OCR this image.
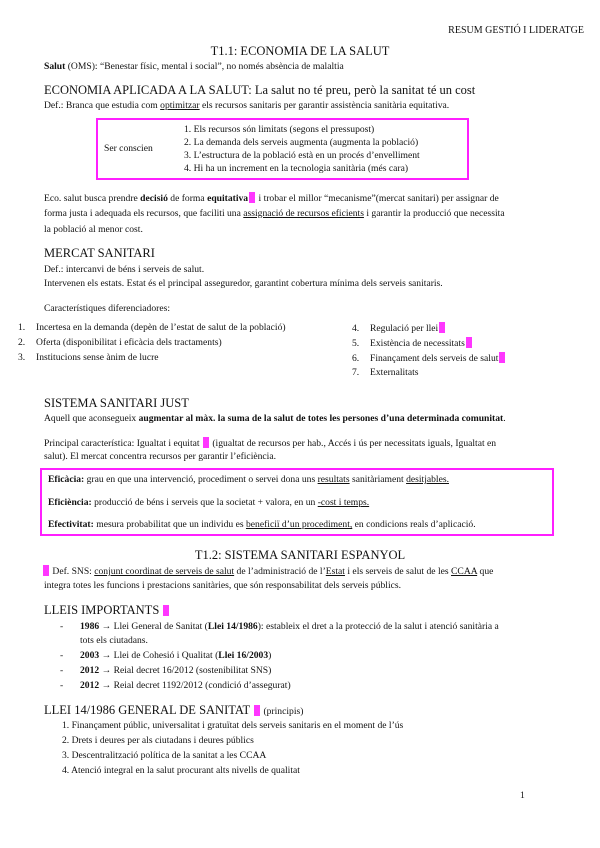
RESUM GESTIÓ I LIDERATGE
T1.1: ECONOMIA DE LA SALUT
Salut (OMS): “Benestar físic, mental i social”, no només absència de malaltia
ECONOMIA APLICADA A LA SALUT: La salut no té preu, però la sanitat té un cost
Def.: Branca que estudia com optimitzar els recursos sanitaris per garantir assistència sanitària equitativa.
Ser conscien
1. Els recursos són limitats (segons el pressupost)
2. La demanda dels serveis augmenta (augmenta la població)
3. L’estructura de la població està en un procés d’envelliment
4. Hi ha un increment en la tecnologia sanitària (més cara)
Eco. salut busca prendre decisió de forma equitativa i trobar el millor “mecanisme”(mercat sanitari) per assignar de
forma justa i adequada els recursos, que faciliti una assignació de recursos eficients i garantir la producció que necessita
la població al menor cost.
MERCAT SANITARI
Def.: intercanvi de béns i serveis de salut.
Intervenen els estats. Estat és el principal asseguredor, garantint cobertura mínima dels serveis sanitaris.
Característiques diferenciadores:
1. Incertesa en la demanda (depèn de l’estat de salut de la població)
2. Oferta (disponibilitat i eficàcia dels tractaments)
3. Institucions sense ànim de lucre
4. Regulació per llei
5. Existència de necessitats
6. Finançament dels serveis de salut
7. Externalitats
SISTEMA SANITARI JUST
Aquell que aconsegueix augmentar al màx. la suma de la salut de totes les persones d’una determinada comunitat.
Principal característica: Igualtat i equitat  (igualtat de recursos per hab., Accés i ús per necessitats iguals, Igualtat en
salut). El mercat concentra recursos per garantir l’eficiència.
Eficàcia: grau en que una intervenció, procediment o servei dona uns resultats sanitàriament desitjables.
Eficiència: producció de béns i serveis que la societat + valora, en un -cost i temps.
Efectivitat: mesura probabilitat que un individu es beneficiï d’un procediment, en condicions reals d’aplicació.
T1.2: SISTEMA SANITARI ESPANYOL
Def. SNS: conjunt coordinat de serveis de salut de l’administració de l’Estat i els serveis de salut de les CCAA que
integra totes les funcions i prestacions sanitàries, que són responsabilitat dels serveis públics.
LLEIS IMPORTANTS
- 1986 → Llei General de Sanitat (Llei 14/1986): estableix el dret a la protecció de la salut i atenció sanitària a
tots els ciutadans.
- 2003 → Llei de Cohesió i Qualitat (Llei 16/2003)
- 2012 → Reial decret 16/2012 (sostenibilitat SNS)
- 2012 → Reial decret 1192/2012 (condició d’assegurat)
LLEI 14/1986 GENERAL DE SANITAT  (principis)
1. Finançament públic, universalitat i gratuïtat dels serveis sanitaris en el moment de l’ús
2. Drets i deures per als ciutadans i deures públics
3. Descentralització política de la sanitat a les CCAA
4. Atenció integral en la salut procurant alts nivells de qualitat
1
